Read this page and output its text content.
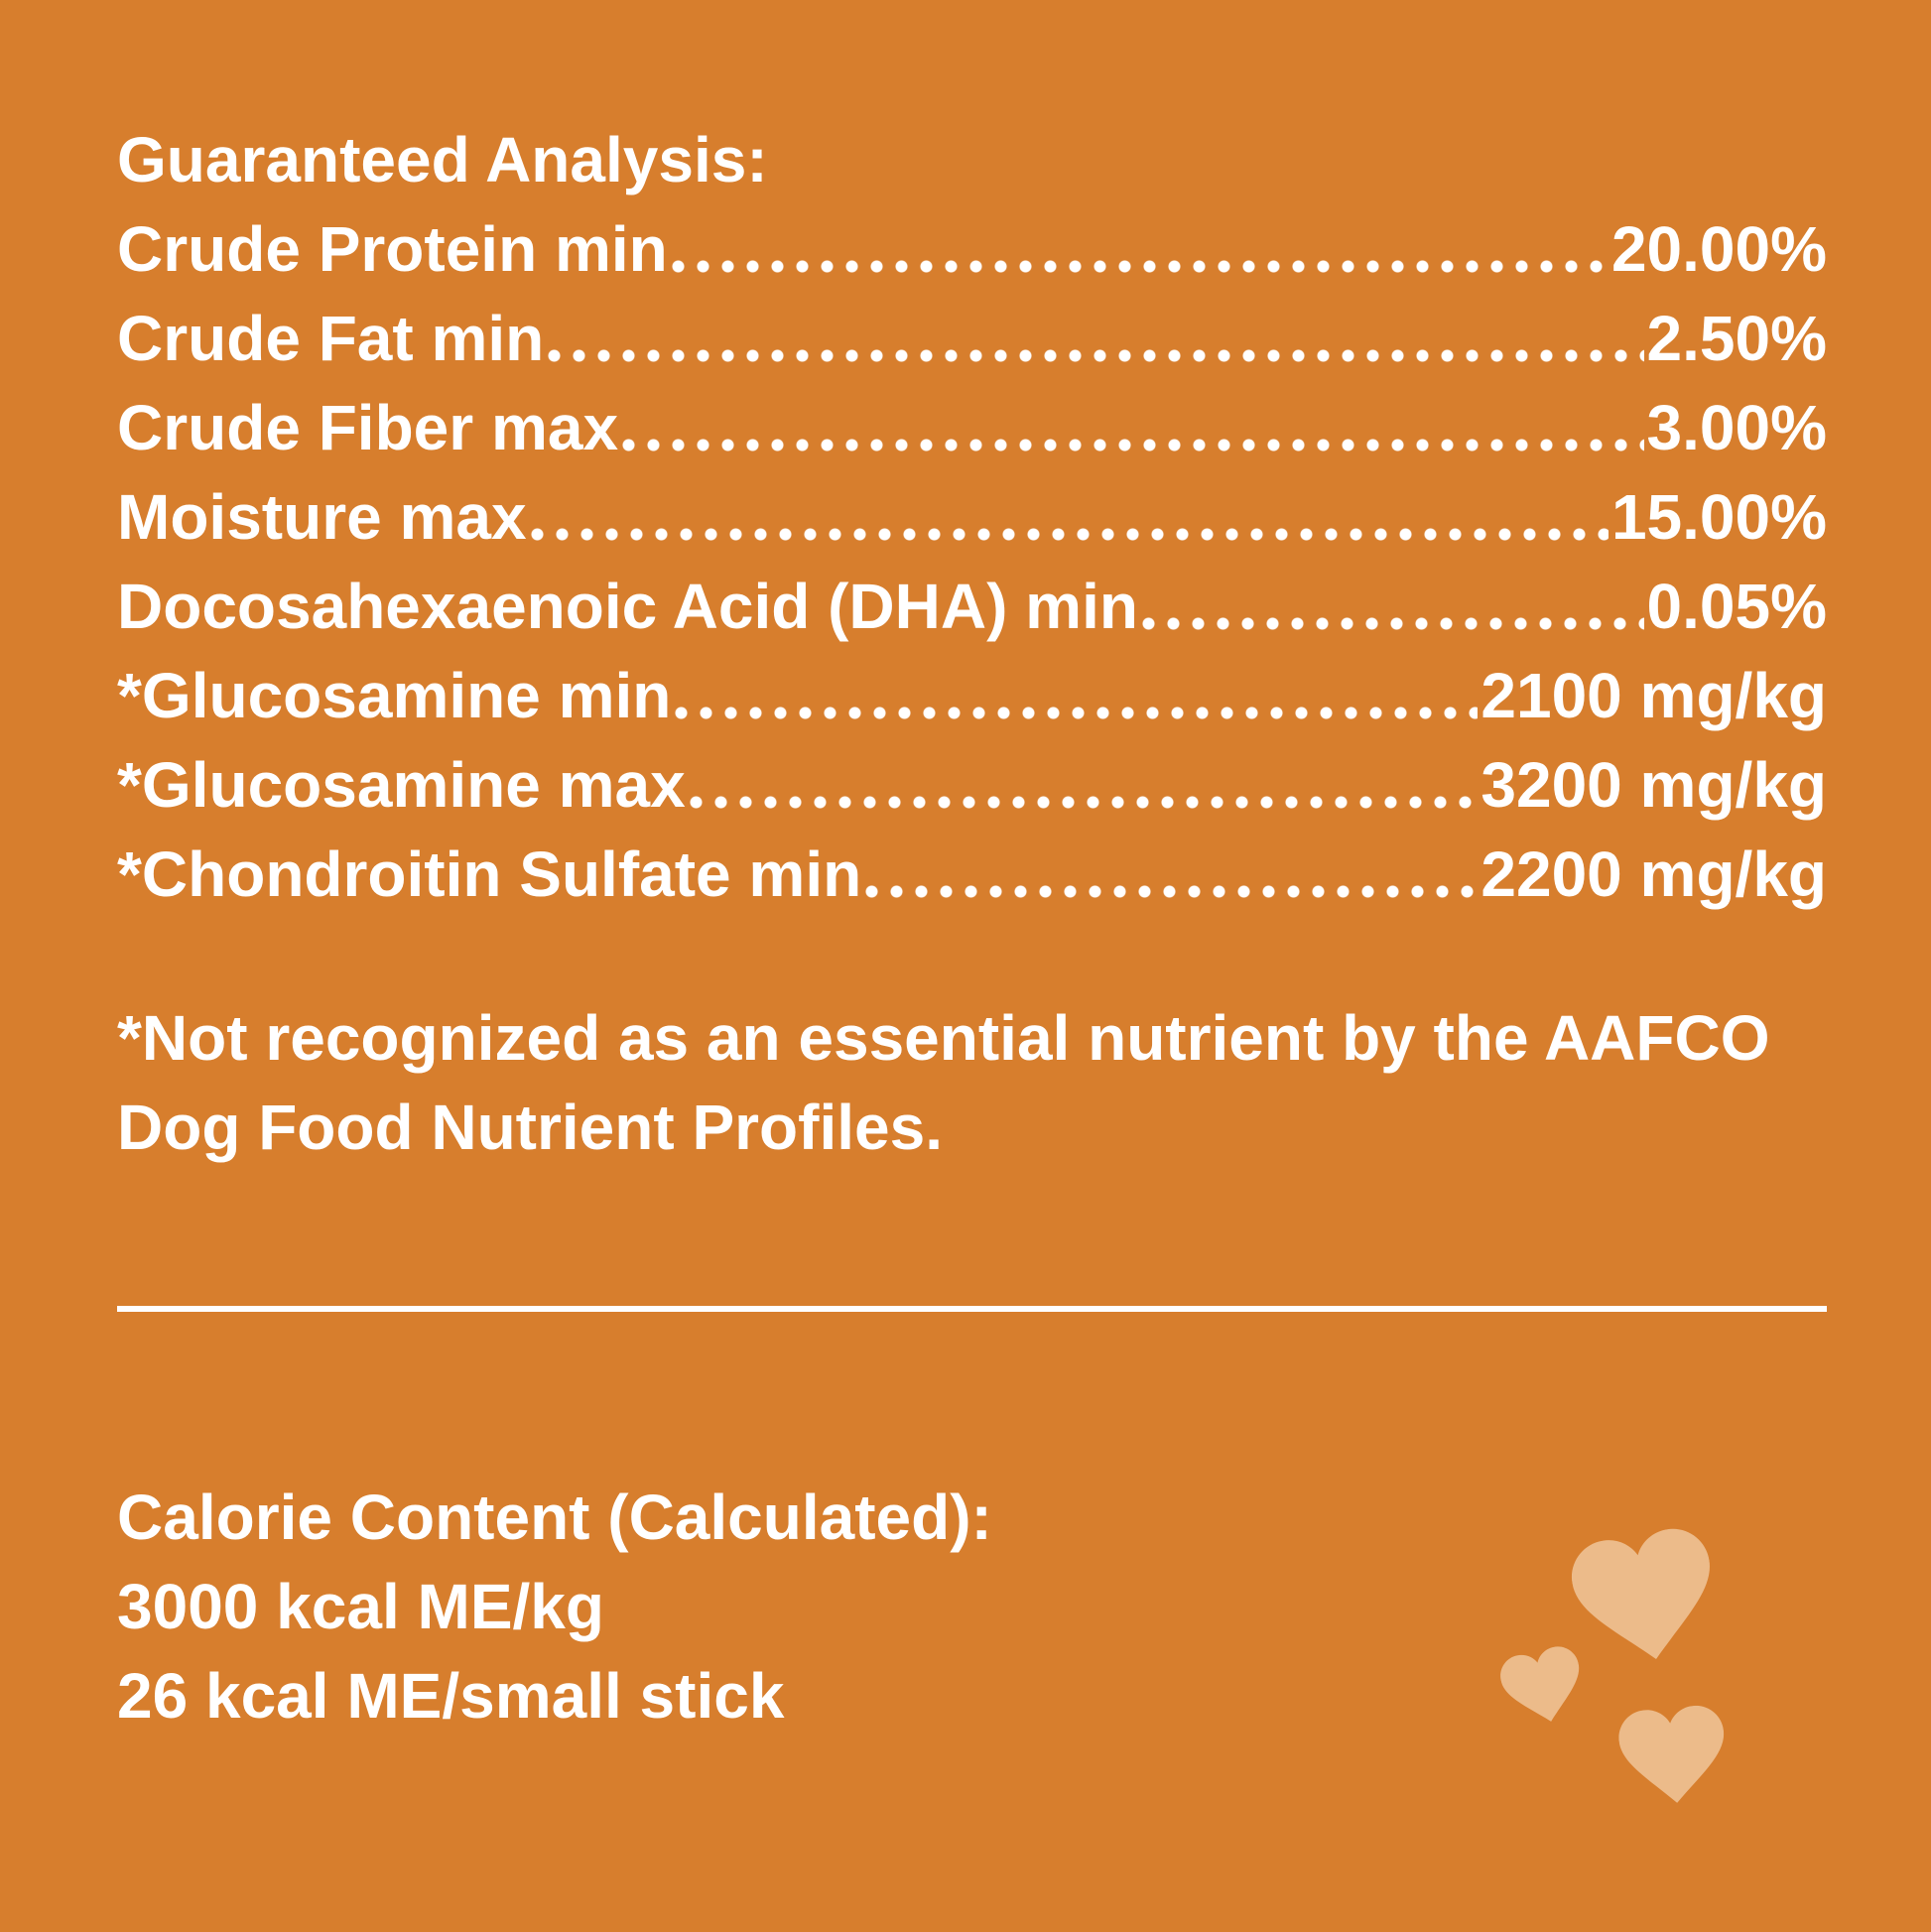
Guaranteed Analysis:
Crude Protein min	20.00%
Crude Fat min	2.50%
Crude Fiber max	3.00%
Moisture max	15.00%
Docosahexaenoic Acid (DHA) min	0.05%
*Glucosamine min	2100 mg/kg
*Glucosamine max	3200 mg/kg
*Chondroitin Sulfate min	2200 mg/kg
*Not recognized as an essential nutrient by the AAFCO
Dog Food Nutrient Profiles.
Calorie Content (Calculated):
3000 kcal ME/kg
26 kcal ME/small stick
